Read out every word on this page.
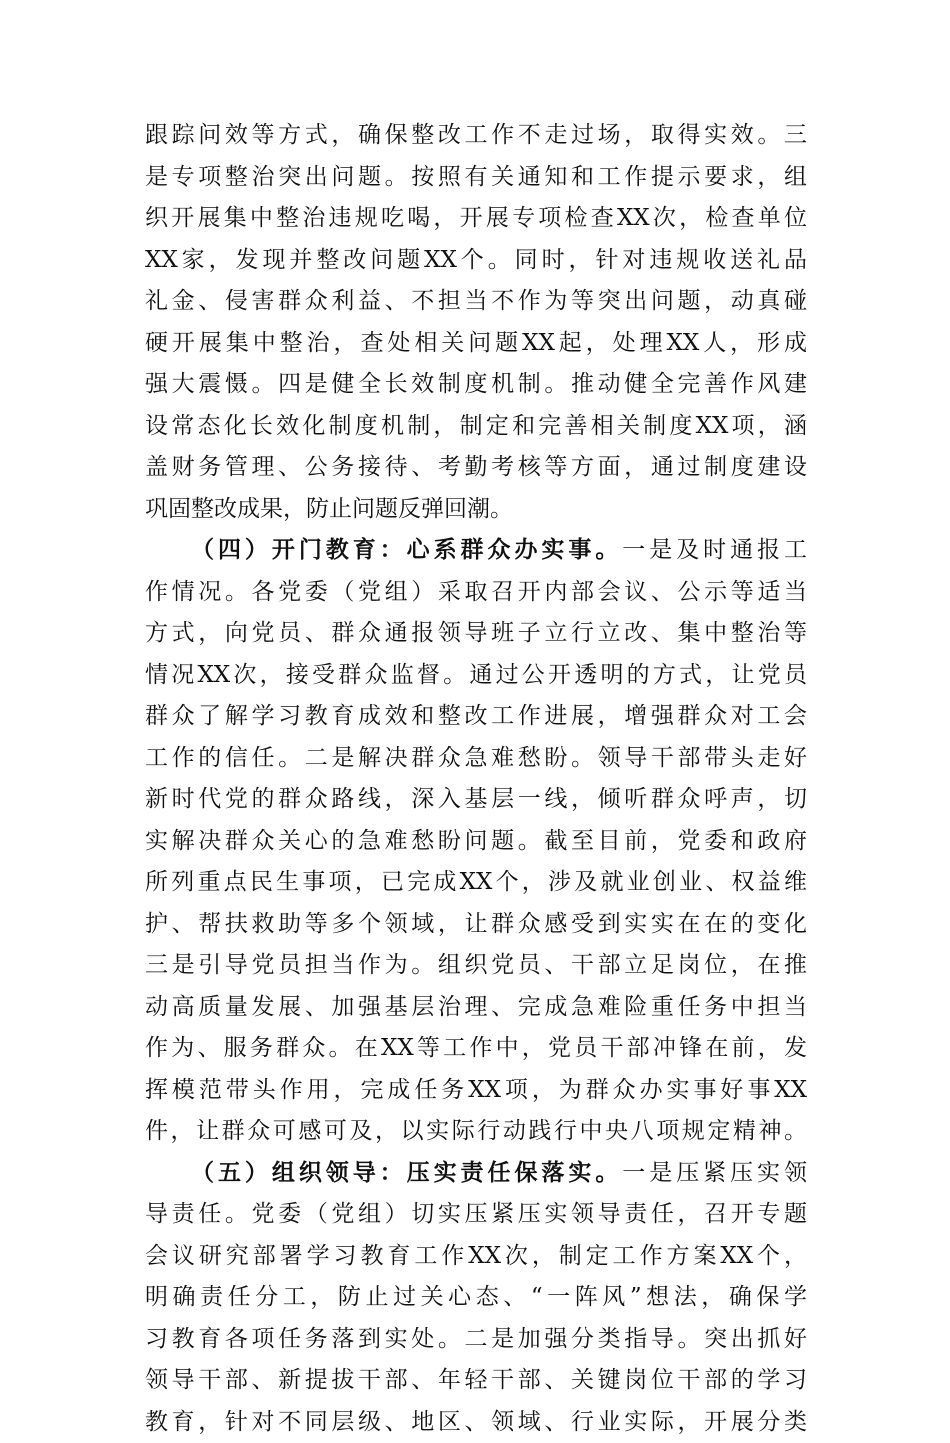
跟踪问效等方式，确保整改工作不走过场，取得实效。三
是专项整治突出问题。按照有关通知和工作提示要求，组
织开展集中整治违规吃喝，开展专项检查XX次，检查单位
XX家，发现并整改问题XX个。同时，针对违规收送礼品
礼金、侵害群众利益、不担当不作为等突出问题，动真碰
硬开展集中整治，查处相关问题XX起，处理XX人，形成
强大震慑。四是健全长效制度机制。推动健全完善作风建
设常态化长效化制度机制，制定和完善相关制度XX项，涵
盖财务管理、公务接待、考勤考核等方面，通过制度建设
巩固整改成果，防止问题反弹回潮。
（四）开门教育：心系群众办实事。一是及时通报工
作情况。各党委（党组）采取召开内部会议、公示等适当
方式，向党员、群众通报领导班子立行立改、集中整治等
情况XX次，接受群众监督。通过公开透明的方式，让党员
群众了解学习教育成效和整改工作进展，增强群众对工会
工作的信任。二是解决群众急难愁盼。领导干部带头走好
新时代党的群众路线，深入基层一线，倾听群众呼声，切
实解决群众关心的急难愁盼问题。截至目前，党委和政府
所列重点民生事项，已完成XX个，涉及就业创业、权益维
护、帮扶救助等多个领域，让群众感受到实实在在的变化
三是引导党员担当作为。组织党员、干部立足岗位，在推
动高质量发展、加强基层治理、完成急难险重任务中担当
作为、服务群众。在XX等工作中，党员干部冲锋在前，发
挥模范带头作用，完成任务XX项，为群众办实事好事XX
件，让群众可感可及，以实际行动践行中央八项规定精神。
（五）组织领导：压实责任保落实。一是压紧压实领
导责任。党委（党组）切实压紧压实领导责任，召开专题
会议研究部署学习教育工作XX次，制定工作方案XX个，
明确责任分工，防止过关心态、“一阵风”想法，确保学
习教育各项任务落到实处。二是加强分类指导。突出抓好
领导干部、新提拔干部、年轻干部、关键岗位干部的学习
教育，针对不同层级、地区、领域、行业实际，开展分类
